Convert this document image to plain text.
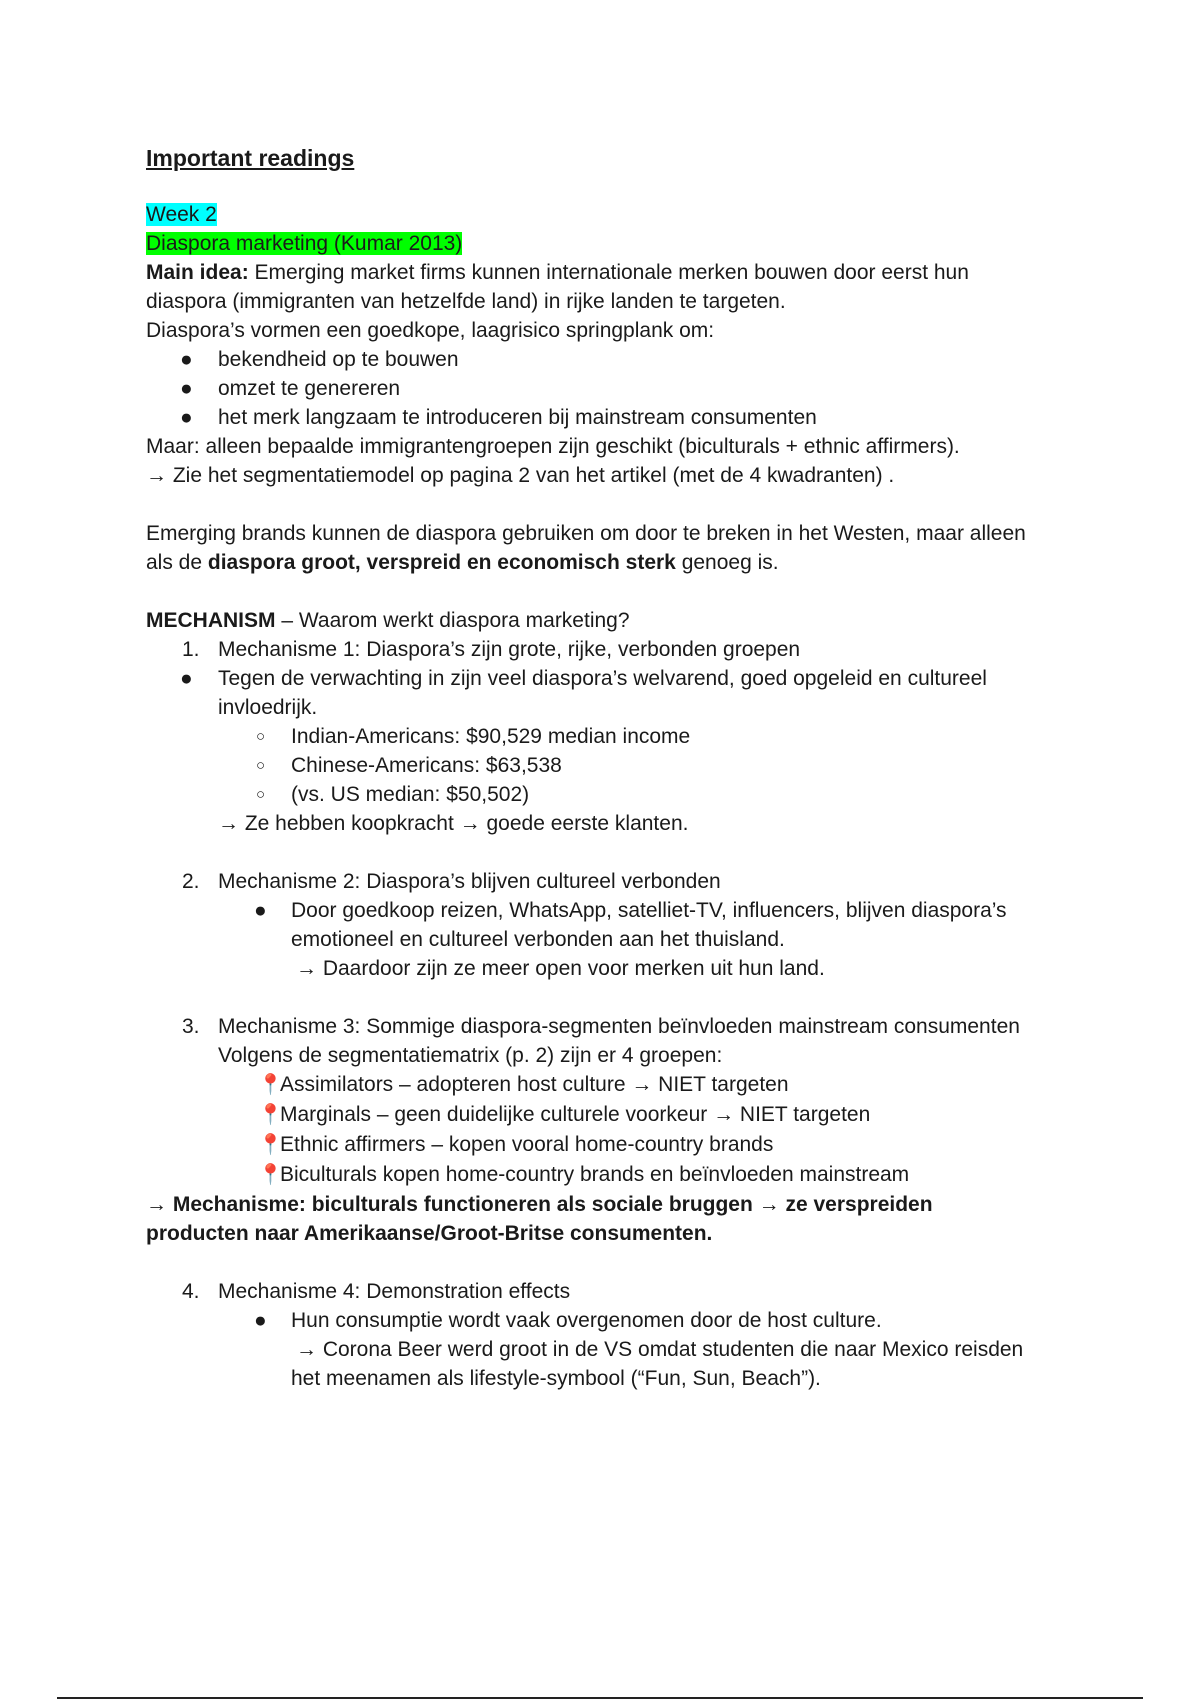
Important readings

Week 2

Diaspora marketing (Kumar 2013)

Main idea: Emerging market firms kunnen internationale merken bouwen door eerst hun

diaspora (immigranten van hetzelfde land) in rijke landen te targeten.

Diaspora’s vormen een goedkope, laagrisico springplank om:

● bekendheid op te bouwen
● omzet te genereren
● het merk langzaam te introduceren bij mainstream consumenten

Maar: alleen bepaalde immigrantengroepen zijn geschikt (biculturals + ethnic affirmers).

→ Zie het segmentatiemodel op pagina 2 van het artikel (met de 4 kwadranten) .

Emerging brands kunnen de diaspora gebruiken om door te breken in het Westen, maar alleen

als de diaspora groot, verspreid en economisch sterk genoeg is.

MECHANISM – Waarom werkt diaspora marketing?

1. Mechanisme 1: Diaspora’s zijn grote, rijke, verbonden groepen
● Tegen de verwachting in zijn veel diaspora’s welvarend, goed opgeleid en cultureel
invloedrijk.
○ Indian-Americans: $90,529 median income
○ Chinese-Americans: $63,538
○ (vs. US median: $50,502)
→ Ze hebben koopkracht → goede eerste klanten.
2. Mechanisme 2: Diaspora’s blijven cultureel verbonden
● Door goedkoop reizen, WhatsApp, satelliet-TV, influencers, blijven diaspora’s
emotioneel en cultureel verbonden aan het thuisland.
→ Daardoor zijn ze meer open voor merken uit hun land.
3. Mechanisme 3: Sommige diaspora-segmenten beïnvloeden mainstream consumenten
Volgens de segmentatiematrix (p. 2) zijn er 4 groepen:
📍Assimilators – adopteren host culture → NIET targeten
📍Marginals – geen duidelijke culturele voorkeur → NIET targeten
📍Ethnic affirmers – kopen vooral home-country brands
📍Biculturals kopen home-country brands en beïnvloeden mainstream

→ Mechanisme: biculturals functioneren als sociale bruggen → ze verspreiden

producten naar Amerikaanse/Groot-Britse consumenten.

4. Mechanisme 4: Demonstration effects
● Hun consumptie wordt vaak overgenomen door de host culture.
→ Corona Beer werd groot in de VS omdat studenten die naar Mexico reisden
het meenamen als lifestyle-symbool (“Fun, Sun, Beach”).
